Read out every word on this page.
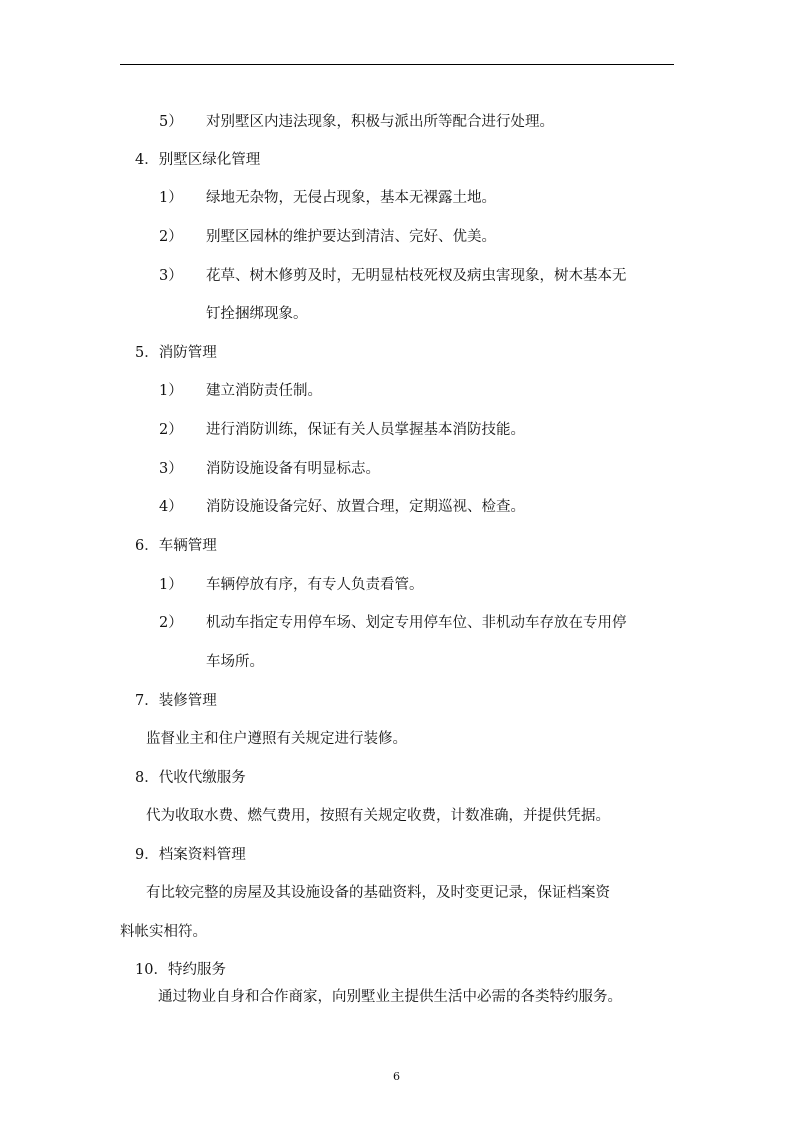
5） 对别墅区内违法现象，积极与派出所等配合进行处理。
4．别墅区绿化管理
1） 绿地无杂物，无侵占现象，基本无裸露土地。
2） 别墅区园林的维护要达到清洁、完好、优美。
3） 花草、树木修剪及时，无明显枯枝死杈及病虫害现象，树木基本无
钉拴捆绑现象。
5．消防管理
1） 建立消防责任制。
2） 进行消防训练，保证有关人员掌握基本消防技能。
3） 消防设施设备有明显标志。
4） 消防设施设备完好、放置合理，定期巡视、检查。
6．车辆管理
1） 车辆停放有序，有专人负责看管。
2） 机动车指定专用停车场、划定专用停车位、非机动车存放在专用停
车场所。
7．装修管理
监督业主和住户遵照有关规定进行装修。
8．代收代缴服务
代为收取水费、燃气费用，按照有关规定收费，计数准确，并提供凭据。
9．档案资料管理
有比较完整的房屋及其设施设备的基础资料，及时变更记录，保证档案资
料帐实相符。
10．特约服务
通过物业自身和合作商家，向别墅业主提供生活中必需的各类特约服务。
6
